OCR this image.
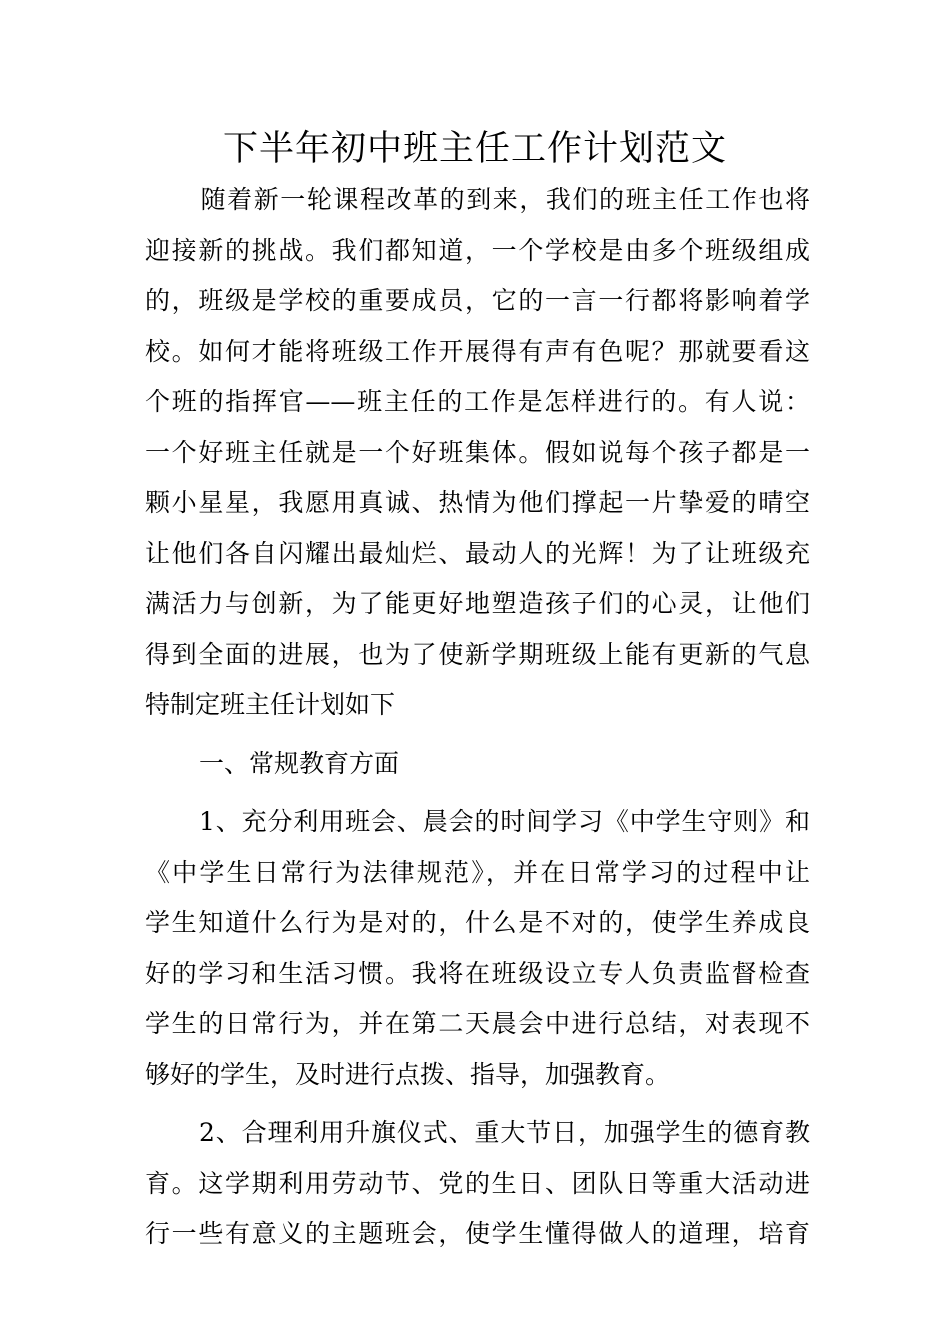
下半年初中班主任工作计划范文

随着新一轮课程改革的到来，我们的班主任工作也将

迎接新的挑战。我们都知道，一个学校是由多个班级组成

的，班级是学校的重要成员，它的一言一行都将影响着学

校。如何才能将班级工作开展得有声有色呢？那就要看这

个班的指挥官——班主任的工作是怎样进行的。有人说：

一个好班主任就是一个好班集体。假如说每个孩子都是一

颗小星星，我愿用真诚、热情为他们撑起一片挚爱的晴空

让他们各自闪耀出最灿烂、最动人的光辉！为了让班级充

满活力与创新，为了能更好地塑造孩子们的心灵，让他们

得到全面的进展，也为了使新学期班级上能有更新的气息

特制定班主任计划如下

一、常规教育方面

1、充分利用班会、晨会的时间学习《中学生守则》和

《中学生日常行为法律规范》，并在日常学习的过程中让

学生知道什么行为是对的，什么是不对的，使学生养成良

好的学习和生活习惯。我将在班级设立专人负责监督检查

学生的日常行为，并在第二天晨会中进行总结，对表现不

够好的学生，及时进行点拨、指导，加强教育。

2、合理利用升旗仪式、重大节日，加强学生的德育教

育。这学期利用劳动节、党的生日、团队日等重大活动进

行一些有意义的主题班会，使学生懂得做人的道理，培育
